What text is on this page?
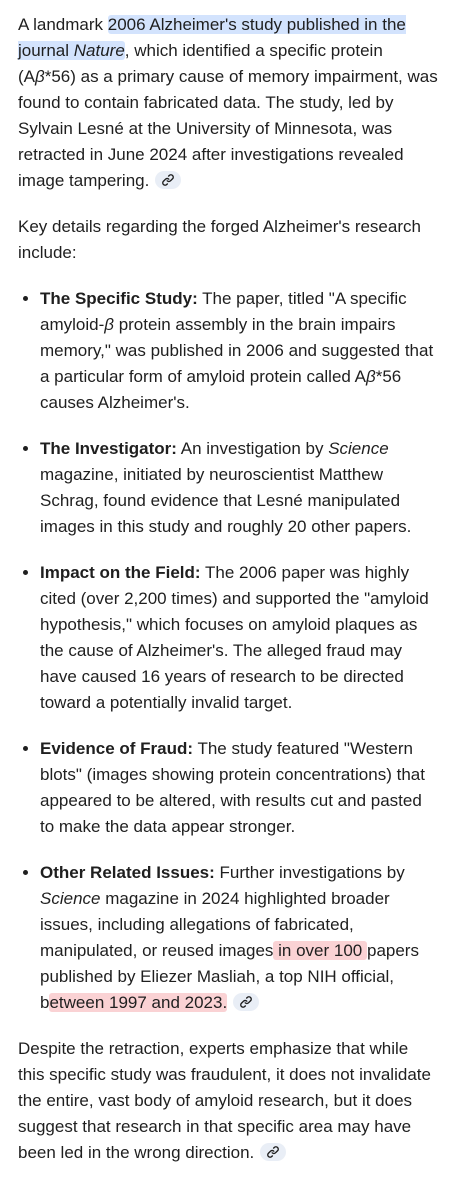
A landmark 2006 Alzheimer's study published in the journal Nature, which identified a specific protein (Aβ*56) as a primary cause of memory impairment, was found to contain fabricated data. The study, led by Sylvain Lesné at the University of Minnesota, was retracted in June 2024 after investigations revealed image tampering.

Key details regarding the forged Alzheimer's research include:

• The Specific Study: The paper, titled "A specific amyloid-β protein assembly in the brain impairs memory," was published in 2006 and suggested that a particular form of amyloid protein called Aβ*56 causes Alzheimer's.
• The Investigator: An investigation by Science magazine, initiated by neuroscientist Matthew Schrag, found evidence that Lesné manipulated images in this study and roughly 20 other papers.
• Impact on the Field: The 2006 paper was highly cited (over 2,200 times) and supported the "amyloid hypothesis," which focuses on amyloid plaques as the cause of Alzheimer's. The alleged fraud may have caused 16 years of research to be directed toward a potentially invalid target.
• Evidence of Fraud: The study featured "Western blots" (images showing protein concentrations) that appeared to be altered, with results cut and pasted to make the data appear stronger.
• Other Related Issues: Further investigations by Science magazine in 2024 highlighted broader issues, including allegations of fabricated, manipulated, or reused images in over 100 papers published by Eliezer Masliah, a top NIH official, between 1997 and 2023.

Despite the retraction, experts emphasize that while this specific study was fraudulent, it does not invalidate the entire, vast body of amyloid research, but it does suggest that research in that specific area may have been led in the wrong direction.
